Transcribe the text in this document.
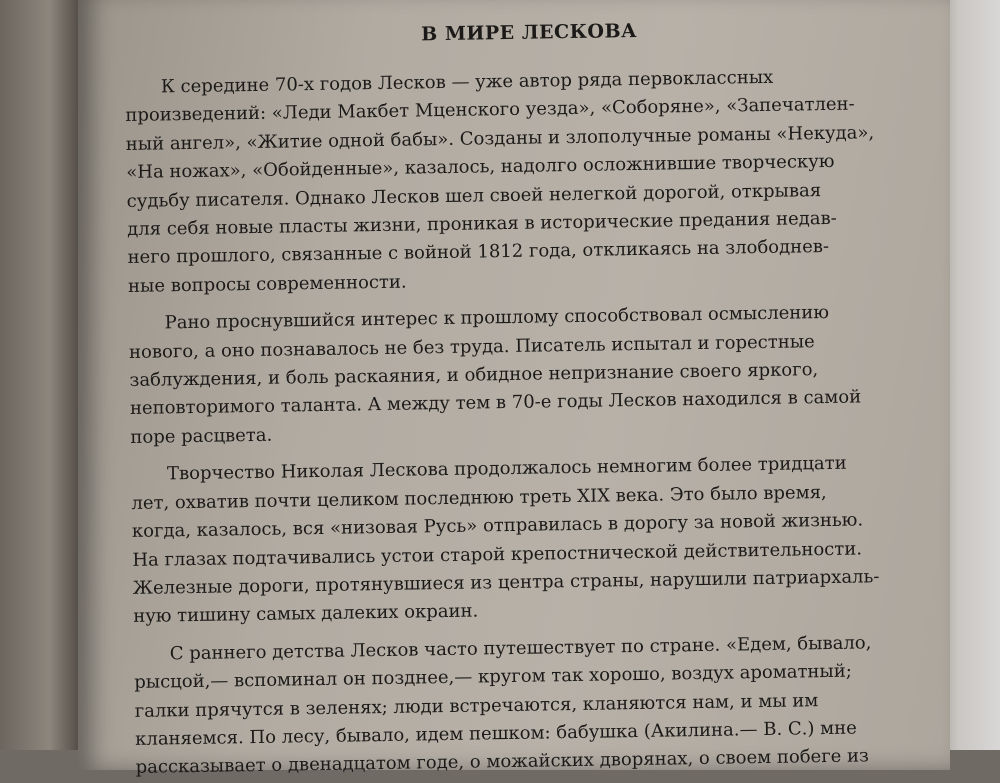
В МИРЕ ЛЕСКОВА
К середине 70-х годов Лесков — уже автор ряда первоклассных
произведений: «Леди Макбет Мценского уезда», «Соборяне», «Запечатлен-
ный ангел», «Житие одной бабы». Созданы и злополучные романы «Некуда»,
«На ножах», «Обойденные», казалось, надолго осложнившие творческую
судьбу писателя. Однако Лесков шел своей нелегкой дорогой, открывая
для себя новые пласты жизни, проникая в исторические предания недав-
него прошлого, связанные с войной 1812 года, откликаясь на злободнев-
ные вопросы современности.
Рано проснувшийся интерес к прошлому способствовал осмыслению
нового, а оно познавалось не без труда. Писатель испытал и горестные
заблуждения, и боль раскаяния, и обидное непризнание своего яркого,
неповторимого таланта. А между тем в 70-е годы Лесков находился в самой
поре расцвета.
Творчество Николая Лескова продолжалось немногим более тридцати
лет, охватив почти целиком последнюю треть XIX века. Это было время,
когда, казалось, вся «низовая Русь» отправилась в дорогу за новой жизнью.
На глазах подтачивались устои старой крепостнической действительности.
Железные дороги, протянувшиеся из центра страны, нарушили патриархаль-
ную тишину самых далеких окраин.
С раннего детства Лесков часто путешествует по стране. «Едем, бывало,
рысцой,— вспоминал он позднее,— кругом так хорошо, воздух ароматный;
галки прячутся в зеленях; люди встречаются, кланяются нам, и мы им
кланяемся. По лесу, бывало, идем пешком: бабушка (Акилина.— В. С.) мне
рассказывает о двенадцатом годе, о можайских дворянах, о своем побеге из
